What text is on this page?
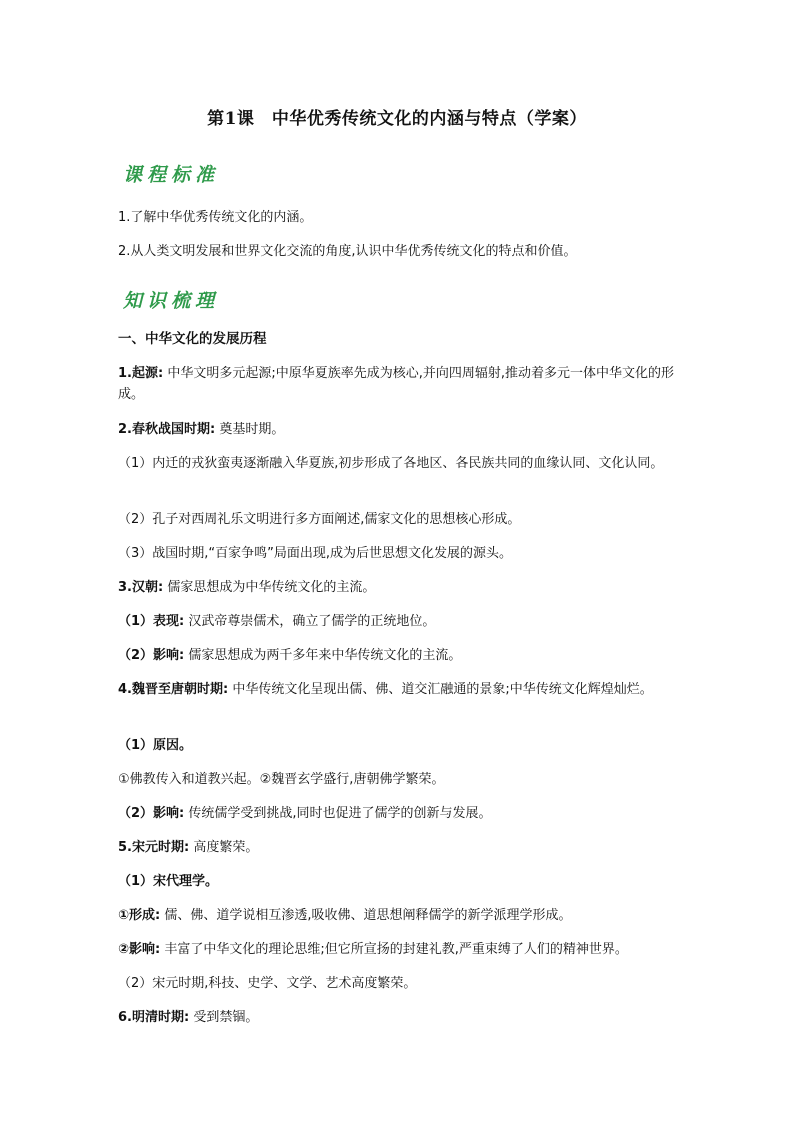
第1课　中华优秀传统文化的内涵与特点（学案）
课程标准
1.了解中华优秀传统文化的内涵。
2.从人类文明发展和世界文化交流的角度,认识中华优秀传统文化的特点和价值。
知识梳理
一、中华文化的发展历程
1.起源: 中华文明多元起源;中原华夏族率先成为核心,并向四周辐射,推动着多元一体中华文化的形成。
2.春秋战国时期: 奠基时期。
（1）内迁的戎狄蛮夷逐渐融入华夏族,初步形成了各地区、各民族共同的血缘认同、文化认同。
（2）孔子对西周礼乐文明进行多方面阐述,儒家文化的思想核心形成。
（3）战国时期,“百家争鸣”局面出现,成为后世思想文化发展的源头。
3.汉朝: 儒家思想成为中华传统文化的主流。
（1）表现: 汉武帝尊崇儒术，确立了儒学的正统地位。
（2）影响: 儒家思想成为两千多年来中华传统文化的主流。
4.魏晋至唐朝时期: 中华传统文化呈现出儒、佛、道交汇融通的景象;中华传统文化辉煌灿烂。
（1）原因。
①佛教传入和道教兴起。②魏晋玄学盛行,唐朝佛学繁荣。
（2）影响: 传统儒学受到挑战,同时也促进了儒学的创新与发展。
5.宋元时期: 高度繁荣。
（1）宋代理学。
①形成: 儒、佛、道学说相互渗透,吸收佛、道思想阐释儒学的新学派理学形成。
②影响: 丰富了中华文化的理论思维;但它所宣扬的封建礼教,严重束缚了人们的精神世界。
（2）宋元时期,科技、史学、文学、艺术高度繁荣。
6.明清时期: 受到禁锢。
